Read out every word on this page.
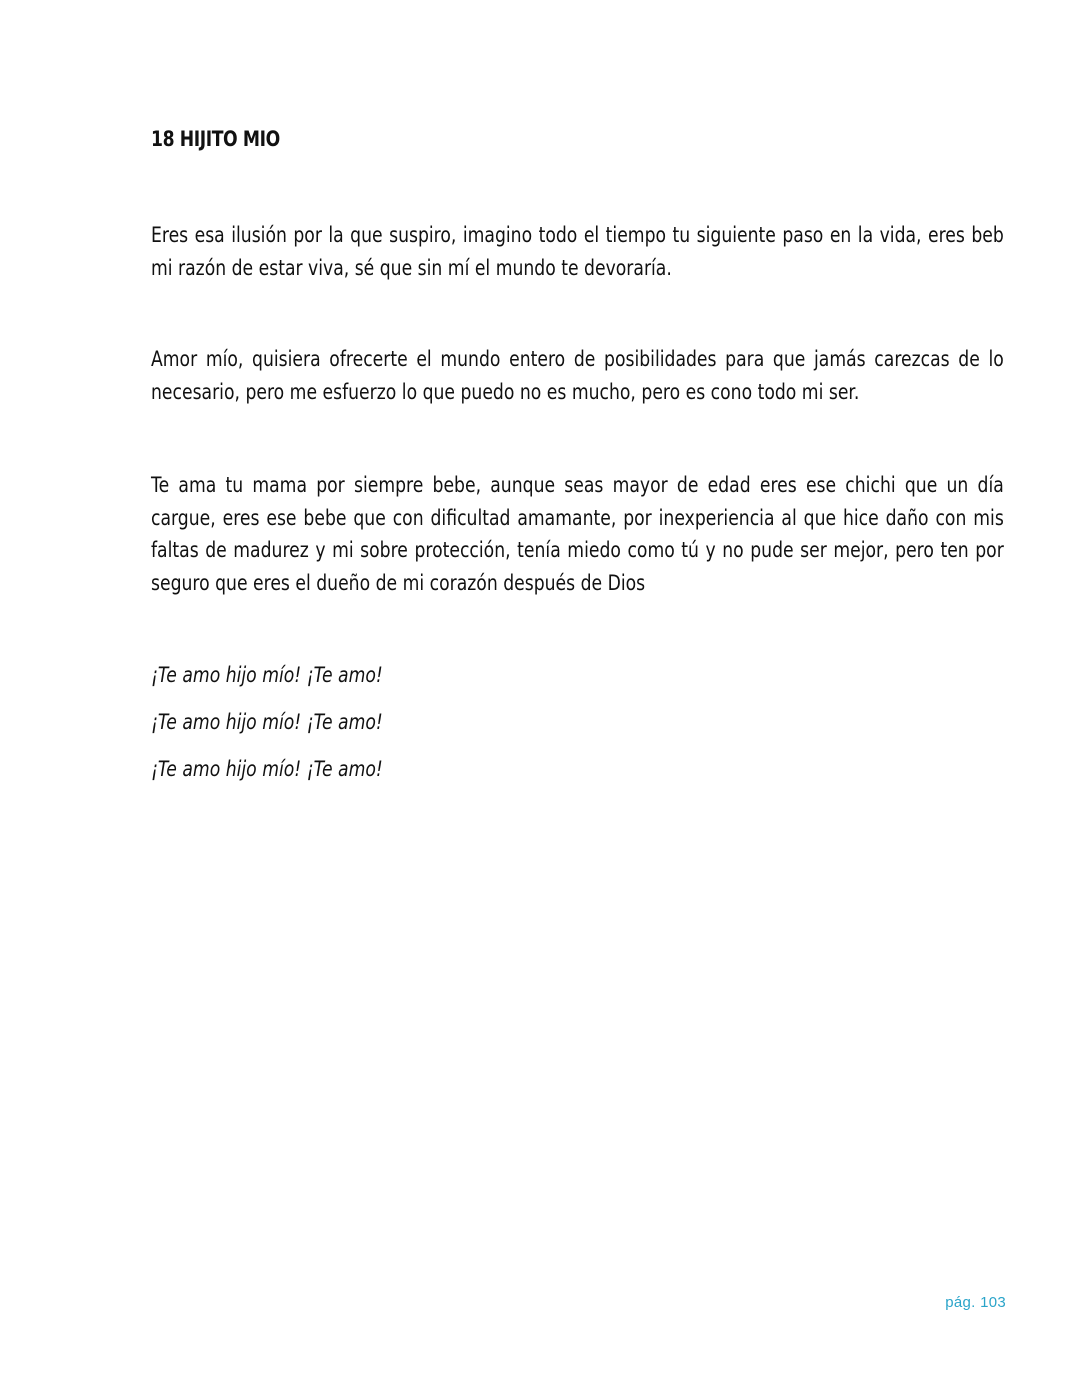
18 HIJITO MIO

Eres esa ilusión por la que suspiro, imagino todo el tiempo tu siguiente paso en la vida, eres beb mi razón de estar viva, sé que sin mí el mundo te devoraría.

Amor mío, quisiera ofrecerte el mundo entero de posibilidades para que jamás carezcas de lo necesario, pero me esfuerzo lo que puedo no es mucho, pero es cono todo mi ser.

Te ama tu mama por siempre bebe, aunque seas mayor de edad eres ese chichi que un día cargue, eres ese bebe que con dificultad amamante, por inexperiencia al que hice daño con mis faltas de madurez y mi sobre protección, tenía miedo como tú y no pude ser mejor, pero ten por seguro que eres el dueño de mi corazón después de Dios

¡Te amo hijo mío! ¡Te amo!
¡Te amo hijo mío! ¡Te amo!
¡Te amo hijo mío! ¡Te amo!
pág. 103
